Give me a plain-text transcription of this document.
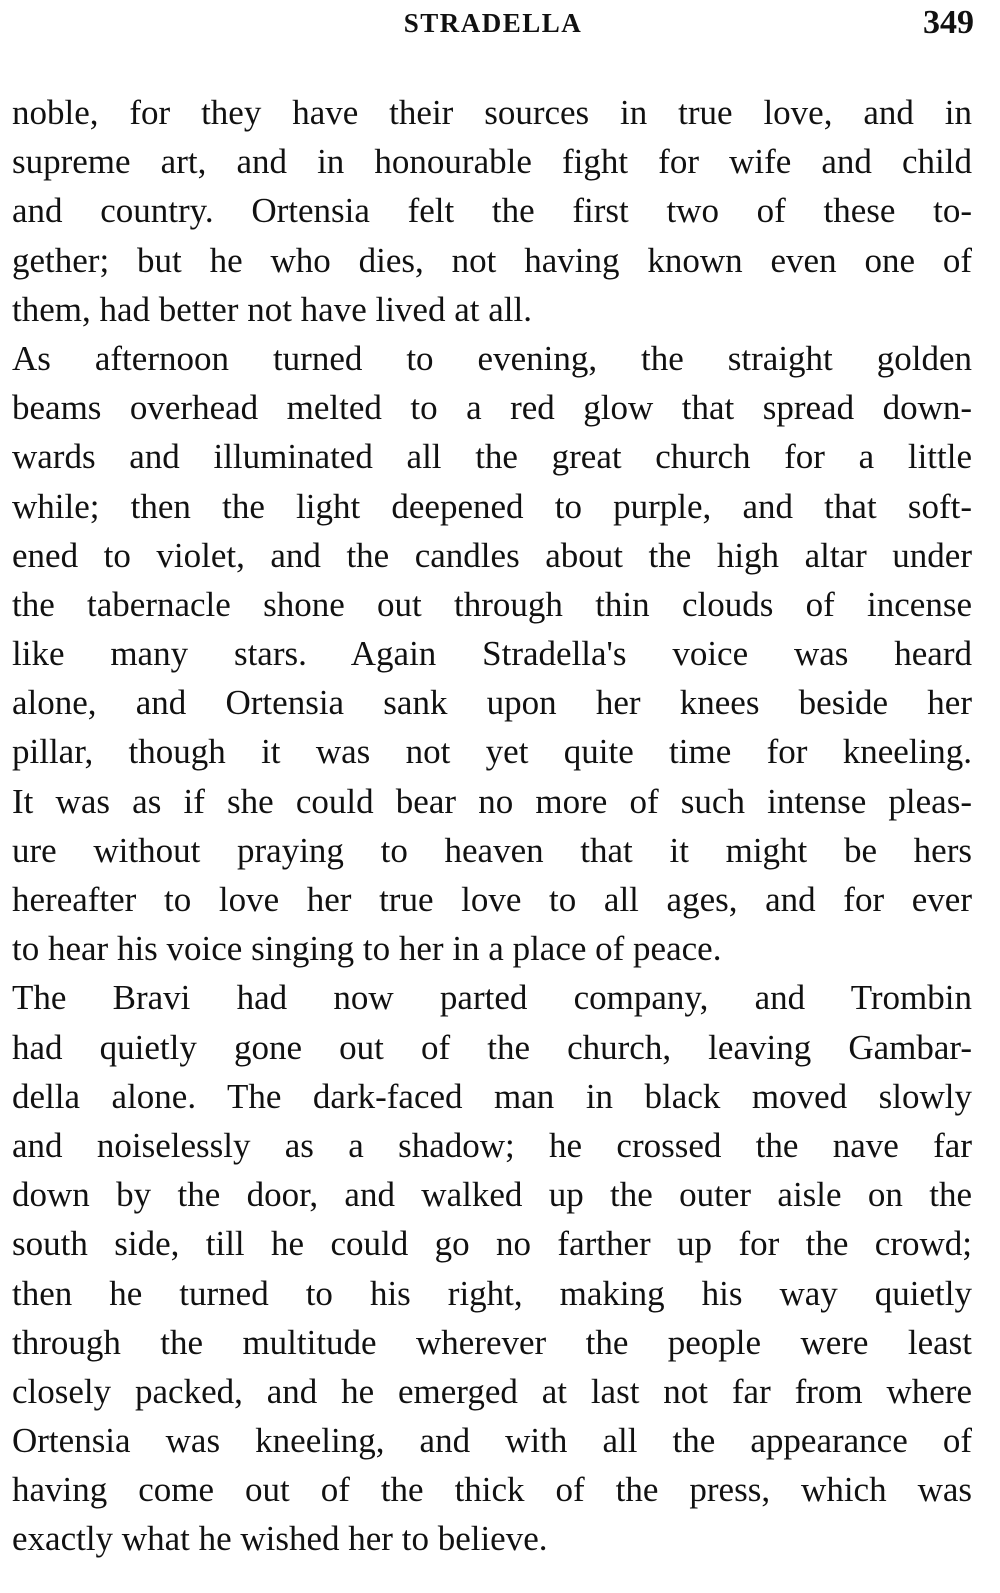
STRADELLA	349
noble, for they have their sources in true love, and in
supreme art, and in honourable fight for wife and child
and country. Ortensia felt the first two of these to-
gether; but he who dies, not having known even one of
them, had better not have lived at all.
As afternoon turned to evening, the straight golden
beams overhead melted to a red glow that spread down-
wards and illuminated all the great church for a little
while; then the light deepened to purple, and that soft-
ened to violet, and the candles about the high altar under
the tabernacle shone out through thin clouds of incense
like many stars. Again Stradella's voice was heard
alone, and Ortensia sank upon her knees beside her
pillar, though it was not yet quite time for kneeling.
It was as if she could bear no more of such intense pleas-
ure without praying to heaven that it might be hers
hereafter to love her true love to all ages, and for ever
to hear his voice singing to her in a place of peace.
The Bravi had now parted company, and Trombin
had quietly gone out of the church, leaving Gambar-
della alone. The dark-faced man in black moved slowly
and noiselessly as a shadow; he crossed the nave far
down by the door, and walked up the outer aisle on the
south side, till he could go no farther up for the crowd;
then he turned to his right, making his way quietly
through the multitude wherever the people were least
closely packed, and he emerged at last not far from where
Ortensia was kneeling, and with all the appearance of
having come out of the thick of the press, which was
exactly what he wished her to believe.
